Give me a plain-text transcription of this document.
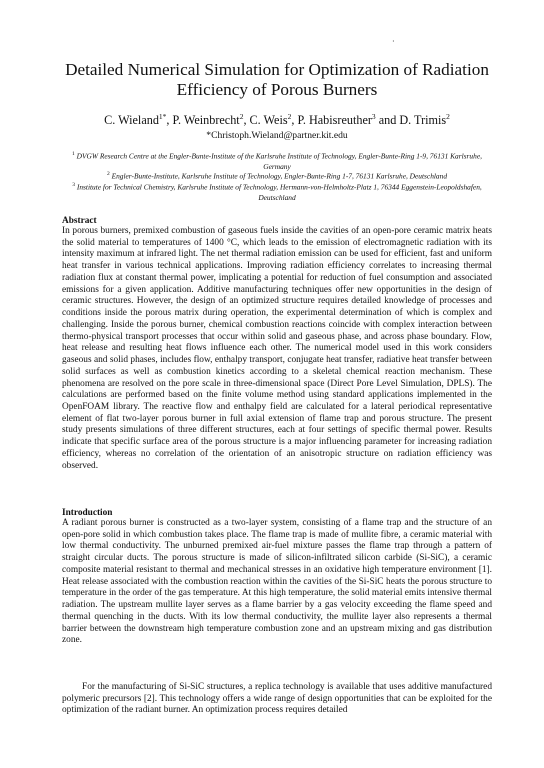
·
Detailed Numerical Simulation for Optimization of Radiation Efficiency of Porous Burners
C. Wieland$^{1*}$, P. Weinbrecht$^2$, C. Weis$^2$, P. Habisreuther$^3$ and D. Trimis$^2$
*Christoph.Wieland@partner.kit.edu
$^1$ DVGW Research Centre at the Engler-Bunte-Institute of the Karlsruhe Institute of Technology, Engler-Bunte-Ring 1-9, 76131 Karlsruhe, Germany
$^2$ Engler-Bunte-Institute, Karlsruhe Institute of Technology, Engler-Bunte-Ring 1-7, 76131 Karlsruhe, Deutschland
$^3$ Institute for Technical Chemistry, Karlsruhe Institute of Technology, Hermann-von-Helmholtz-Platz 1, 76344 Eggenstein-Leopoldshafen, Deutschland
Abstract
In porous burners, premixed combustion of gaseous fuels inside the cavities of an open-pore ceramic matrix heats the solid material to temperatures of 1400 °C, which leads to the emission of electromagnetic radiation with its intensity maximum at infrared light. The net thermal radiation emission can be used for efficient, fast and uniform heat transfer in various technical applications. Improving radiation efficiency correlates to increasing thermal radiation flux at constant thermal power, implicating a potential for reduction of fuel consumption and associated emissions for a given application. Additive manufacturing techniques offer new opportunities in the design of ceramic structures. However, the design of an optimized structure requires detailed knowledge of processes and conditions inside the porous matrix during operation, the experimental determination of which is complex and challenging. Inside the porous burner, chemical combustion reactions coincide with complex interaction between thermo-physical transport processes that occur within solid and gaseous phase, and across phase boundary. Flow, heat release and resulting heat flows influence each other. The numerical model used in this work considers gaseous and solid phases, includes flow, enthalpy transport, conjugate heat transfer, radiative heat transfer between solid surfaces as well as combustion kinetics according to a skeletal chemical reaction mechanism. These phenomena are resolved on the pore scale in three-dimensional space (Direct Pore Level Simulation, DPLS). The calculations are performed based on the finite volume method using standard applications implemented in the OpenFOAM library. The reactive flow and enthalpy field are calculated for a lateral periodical representative element of flat two-layer porous burner in full axial extension of flame trap and porous structure. The present study presents simulations of three different structures, each at four settings of specific thermal power. Results indicate that specific surface area of the porous structure is a major influencing parameter for increasing radiation efficiency, whereas no correlation of the orientation of an anisotropic structure on radiation efficiency was observed.
Introduction
A radiant porous burner is constructed as a two-layer system, consisting of a flame trap and the structure of an open-pore solid in which combustion takes place. The flame trap is made of mullite fibre, a ceramic material with low thermal conductivity. The unburned premixed air-fuel mixture passes the flame trap through a pattern of straight circular ducts. The porous structure is made of silicon-infiltrated silicon carbide (Si-SiC), a ceramic composite material resistant to thermal and mechanical stresses in an oxidative high temperature environment [1]. Heat release associated with the combustion reaction within the cavities of the Si-SiC heats the porous structure to temperature in the order of the gas temperature. At this high temperature, the solid material emits intensive thermal radiation. The upstream mullite layer serves as a flame barrier by a gas velocity exceeding the flame speed and thermal quenching in the ducts. With its low thermal conductivity, the mullite layer also represents a thermal barrier between the downstream high temperature combustion zone and an upstream mixing and gas distribution zone.
For the manufacturing of Si-SiC structures, a replica technology is available that uses additive manufactured polymeric precursors [2]. This technology offers a wide range of design opportunities that can be exploited for the optimization of the radiant burner. An optimization process requires detailed
